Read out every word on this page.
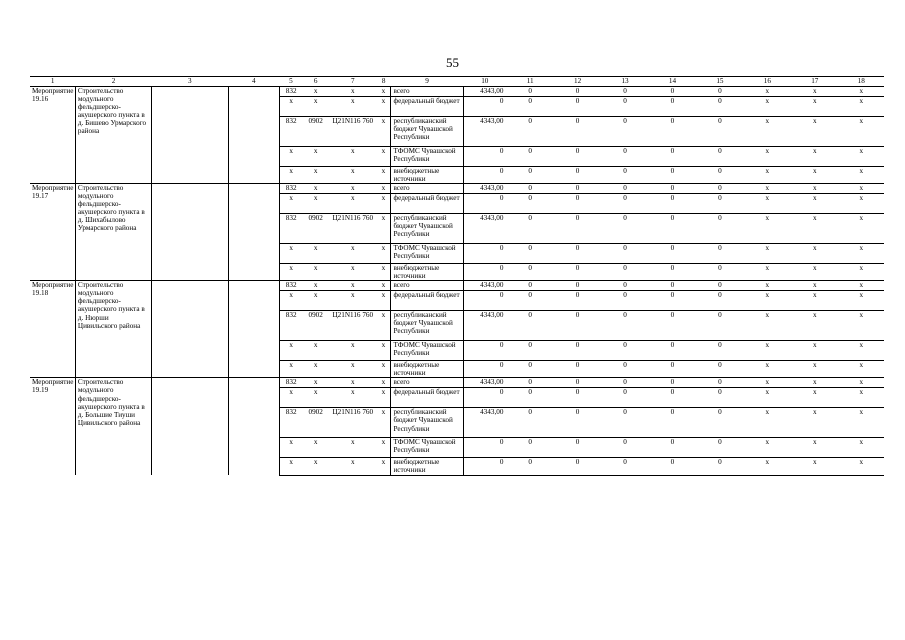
55
1	2	3	4	5	6	7	8	9	10	11	12	13	14	15	16	17	18
Мероприятие 19.16	Строительство модульного фельдшерско-акушерского пункта в д. Бишево Урмарского района			832	x	x	x	всего	4343,00	0	0	0	0	0	x	x	x
				x	x	x	x	федеральный бюджет	0	0	0	0	0	0	x	x	x
				832	0902	Ц21N116 760	x	республиканский бюджет Чувашской Республики	4343,00	0	0	0	0	0	x	x	x
				x	x	x	x	ТФОМС Чувашской Республики	0	0	0	0	0	0	x	x	x
				x	x	x	x	внебюджетные источники	0	0	0	0	0	0	x	x	x
Мероприятие 19.17	Строительство модульного фельдшерско-акушерского пункта в д. Шихабылово Урмарского района			832	x	x	x	всего	4343,00	0	0	0	0	0	x	x	x
				x	x	x	x	федеральный бюджет	0	0	0	0	0	0	x	x	x
				832	0902	Ц21N116 760	x	республиканский бюджет Чувашской Республики	4343,00	0	0	0	0	0	x	x	x
				x	x	x	x	ТФОМС Чувашской Республики	0	0	0	0	0	0	x	x	x
				x	x	x	x	внебюджетные источники	0	0	0	0	0	0	x	x	x
Мероприятие 19.18	Строительство модульного фельдшерско-акушерского пункта в д. Нюрши Цивильского района			832	x	x	x	всего	4343,00	0	0	0	0	0	x	x	x
				x	x	x	x	федеральный бюджет	0	0	0	0	0	0	x	x	x
				832	0902	Ц21N116 760	x	республиканский бюджет Чувашской Республики	4343,00	0	0	0	0	0	x	x	x
				x	x	x	x	ТФОМС Чувашской Республики	0	0	0	0	0	0	x	x	x
				x	x	x	x	внебюджетные источники	0	0	0	0	0	0	x	x	x
Мероприятие 19.19	Строительство модульного фельдшерско-акушерского пункта в д. Большие Тиуши Цивильского района			832	x	x	x	всего	4343,00	0	0	0	0	0	x	x	x
				x	x	x	x	федеральный бюджет	0	0	0	0	0	0	x	x	x
				832	0902	Ц21N116 760	x	республиканский бюджет Чувашской Республики	4343,00	0	0	0	0	0	x	x	x
				x	x	x	x	ТФОМС Чувашской Республики	0	0	0	0	0	0	x	x	x
				x	x	x	x	внебюджетные источники	0	0	0	0	0	0	x	x	x
